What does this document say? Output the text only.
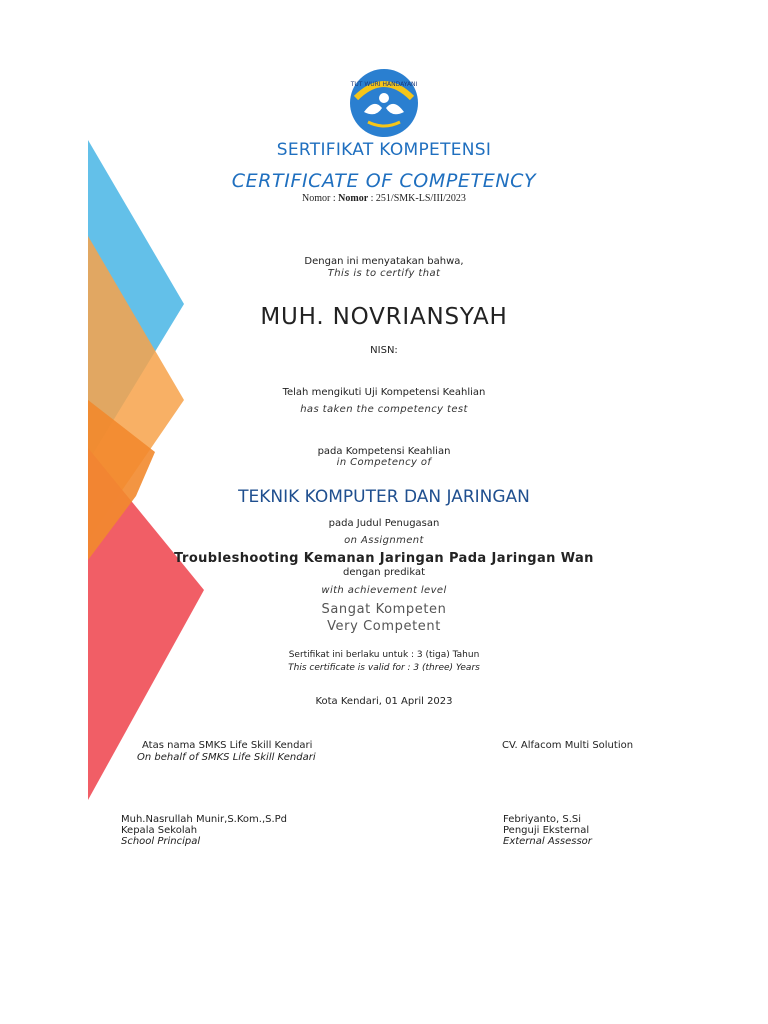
TUT WURI HANDAYANI

SERTIFIKAT KOMPETENSI

CERTIFICATE OF COMPETENCY

Nomor : Nomor : 251/SMK-LS/III/2023

Dengan ini menyatakan bahwa,

This is to certify that

MUH. NOVRIANSYAH

NISN:

Telah mengikuti Uji Kompetensi Keahlian

has taken the competency test

pada Kompetensi Keahlian

in Competency of

TEKNIK KOMPUTER DAN JARINGAN

pada Judul Penugasan

on Assignment

Troubleshooting Kemanan Jaringan Pada Jaringan Wan

dengan predikat

with achievement level

Sangat Kompeten

Very Competent

Sertifikat ini berlaku untuk : 3 (tiga) Tahun

This certificate is valid for : 3 (three) Years

Kota Kendari, 01 April 2023

Atas nama SMKS Life Skill Kendari

On behalf of SMKS Life Skill Kendari

Muh.Nasrullah Munir,S.Kom.,S.Pd

Kepala Sekolah

School Principal

CV. Alfacom Multi Solution

Febriyanto, S.Si

Penguji Eksternal

External Assessor
